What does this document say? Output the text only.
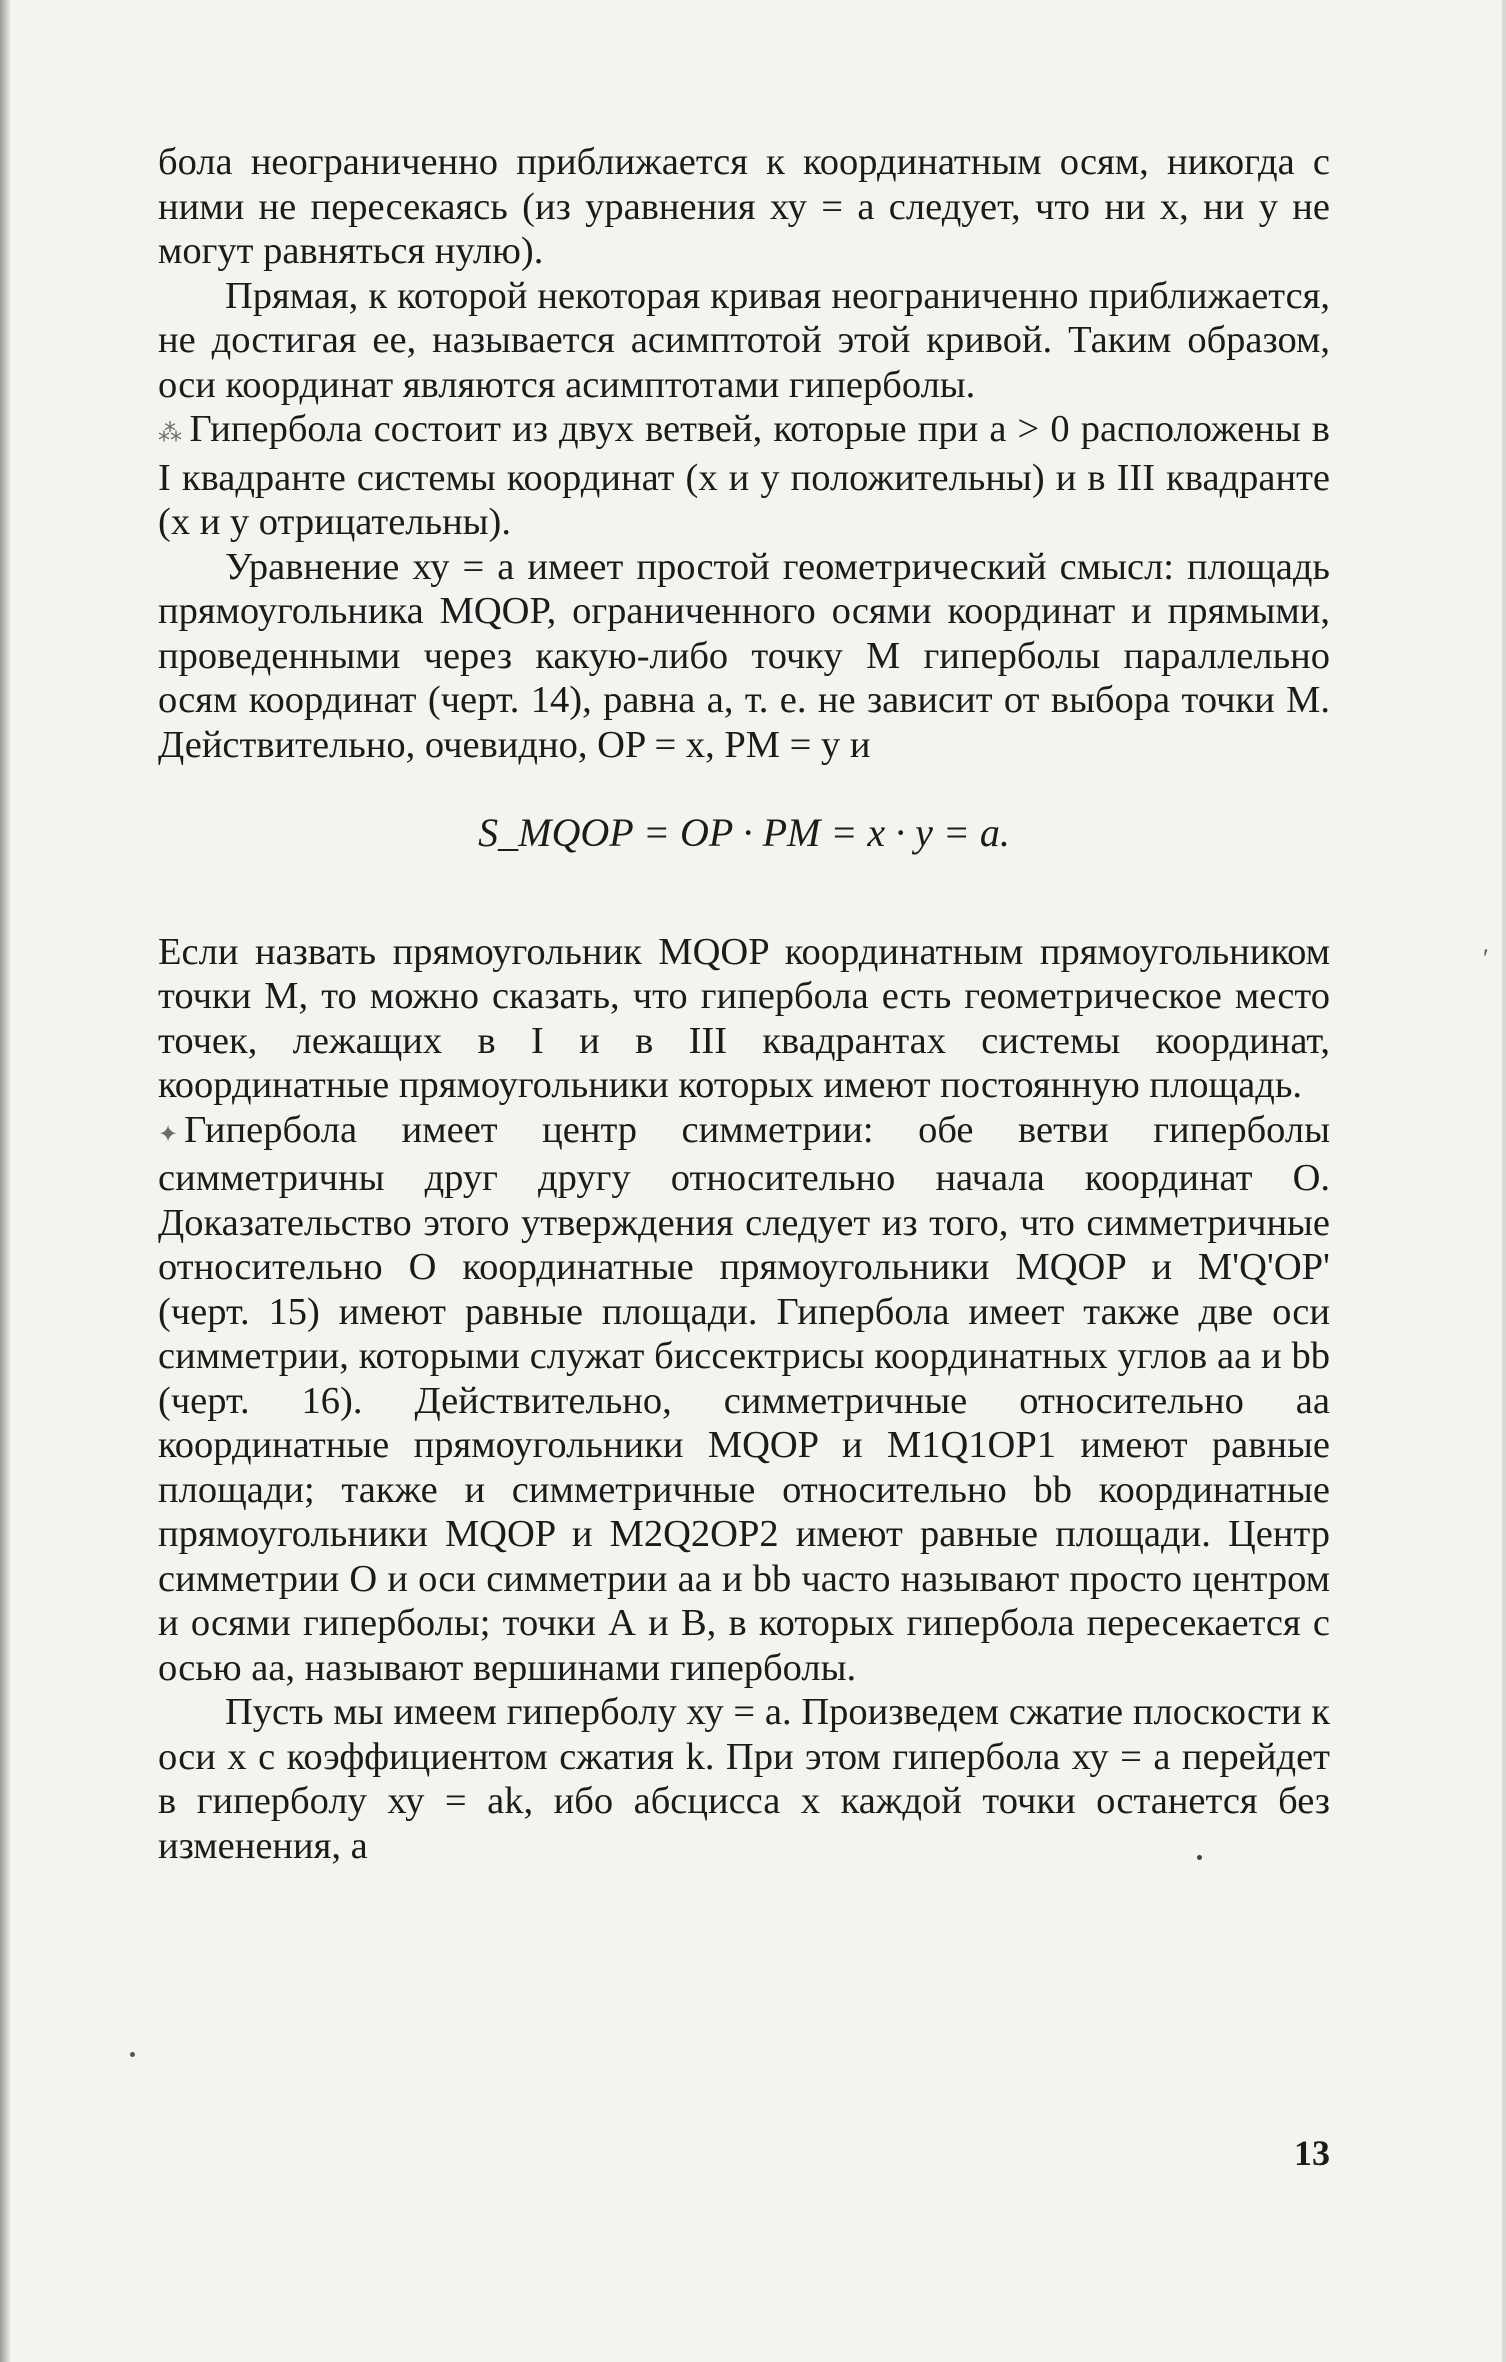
′

бола неограниченно приближается к координатным осям, никогда с ними не пересекаясь (из уравнения ху = а следует, что ни х, ни у не могут равняться нулю).

Прямая, к которой некоторая кривая неограниченно приближается, не достигая ее, называется асимптотой этой кривой. Таким образом, оси координат являются асимптотами гиперболы.

⁂ Гипербола состоит из двух ветвей, которые при a > 0 расположены в I квадранте системы координат (х и у положительны) и в III квадранте (х и у отрицательны).

Уравнение ху = а имеет простой геометрический смысл: площадь прямоугольника MQOP, ограниченного осями координат и прямыми, проведенными через какую-либо точку М гиперболы параллельно осям координат (черт. 14), равна a, т. е. не зависит от выбора точки М. Действительно, очевидно, OP = x, PM = у и

S_MQOP = OP · PM = x · у = a.

Если назвать прямоугольник MQOP координатным прямоугольником точки М, то можно сказать, что гипербола есть геометрическое место точек, лежащих в I и в III квадрантах системы координат, координатные прямоугольники которых имеют постоянную площадь.

✦ Гипербола имеет центр симметрии: обе ветви гиперболы симметричны друг другу относительно начала координат О. Доказательство этого утверждения следует из того, что симметричные относительно О координатные прямоугольники MQOP и M'Q'OP' (черт. 15) имеют равные площади. Гипербола имеет также две оси симметрии, которыми служат биссектрисы координатных углов аа и bb (черт. 16). Действительно, симметричные относительно aa координатные прямоугольники MQOP и M1Q1OP1 имеют равные площади; также и симметричные относительно bb координатные прямоугольники MQOP и M2Q2OP2 имеют равные площади. Центр симметрии О и оси симметрии аа и bb часто называют просто центром и осями гиперболы; точки А и В, в которых гипербола пересекается с осью аа, называют вершинами гиперболы.

Пусть мы имеем гиперболу ху = а. Произведем сжатие плоскости к оси х с коэффициентом сжатия k. При этом гипербола ху = а перейдет в гиперболу ху = ak, ибо абсцисса х каждой точки останется без изменения, а

13
